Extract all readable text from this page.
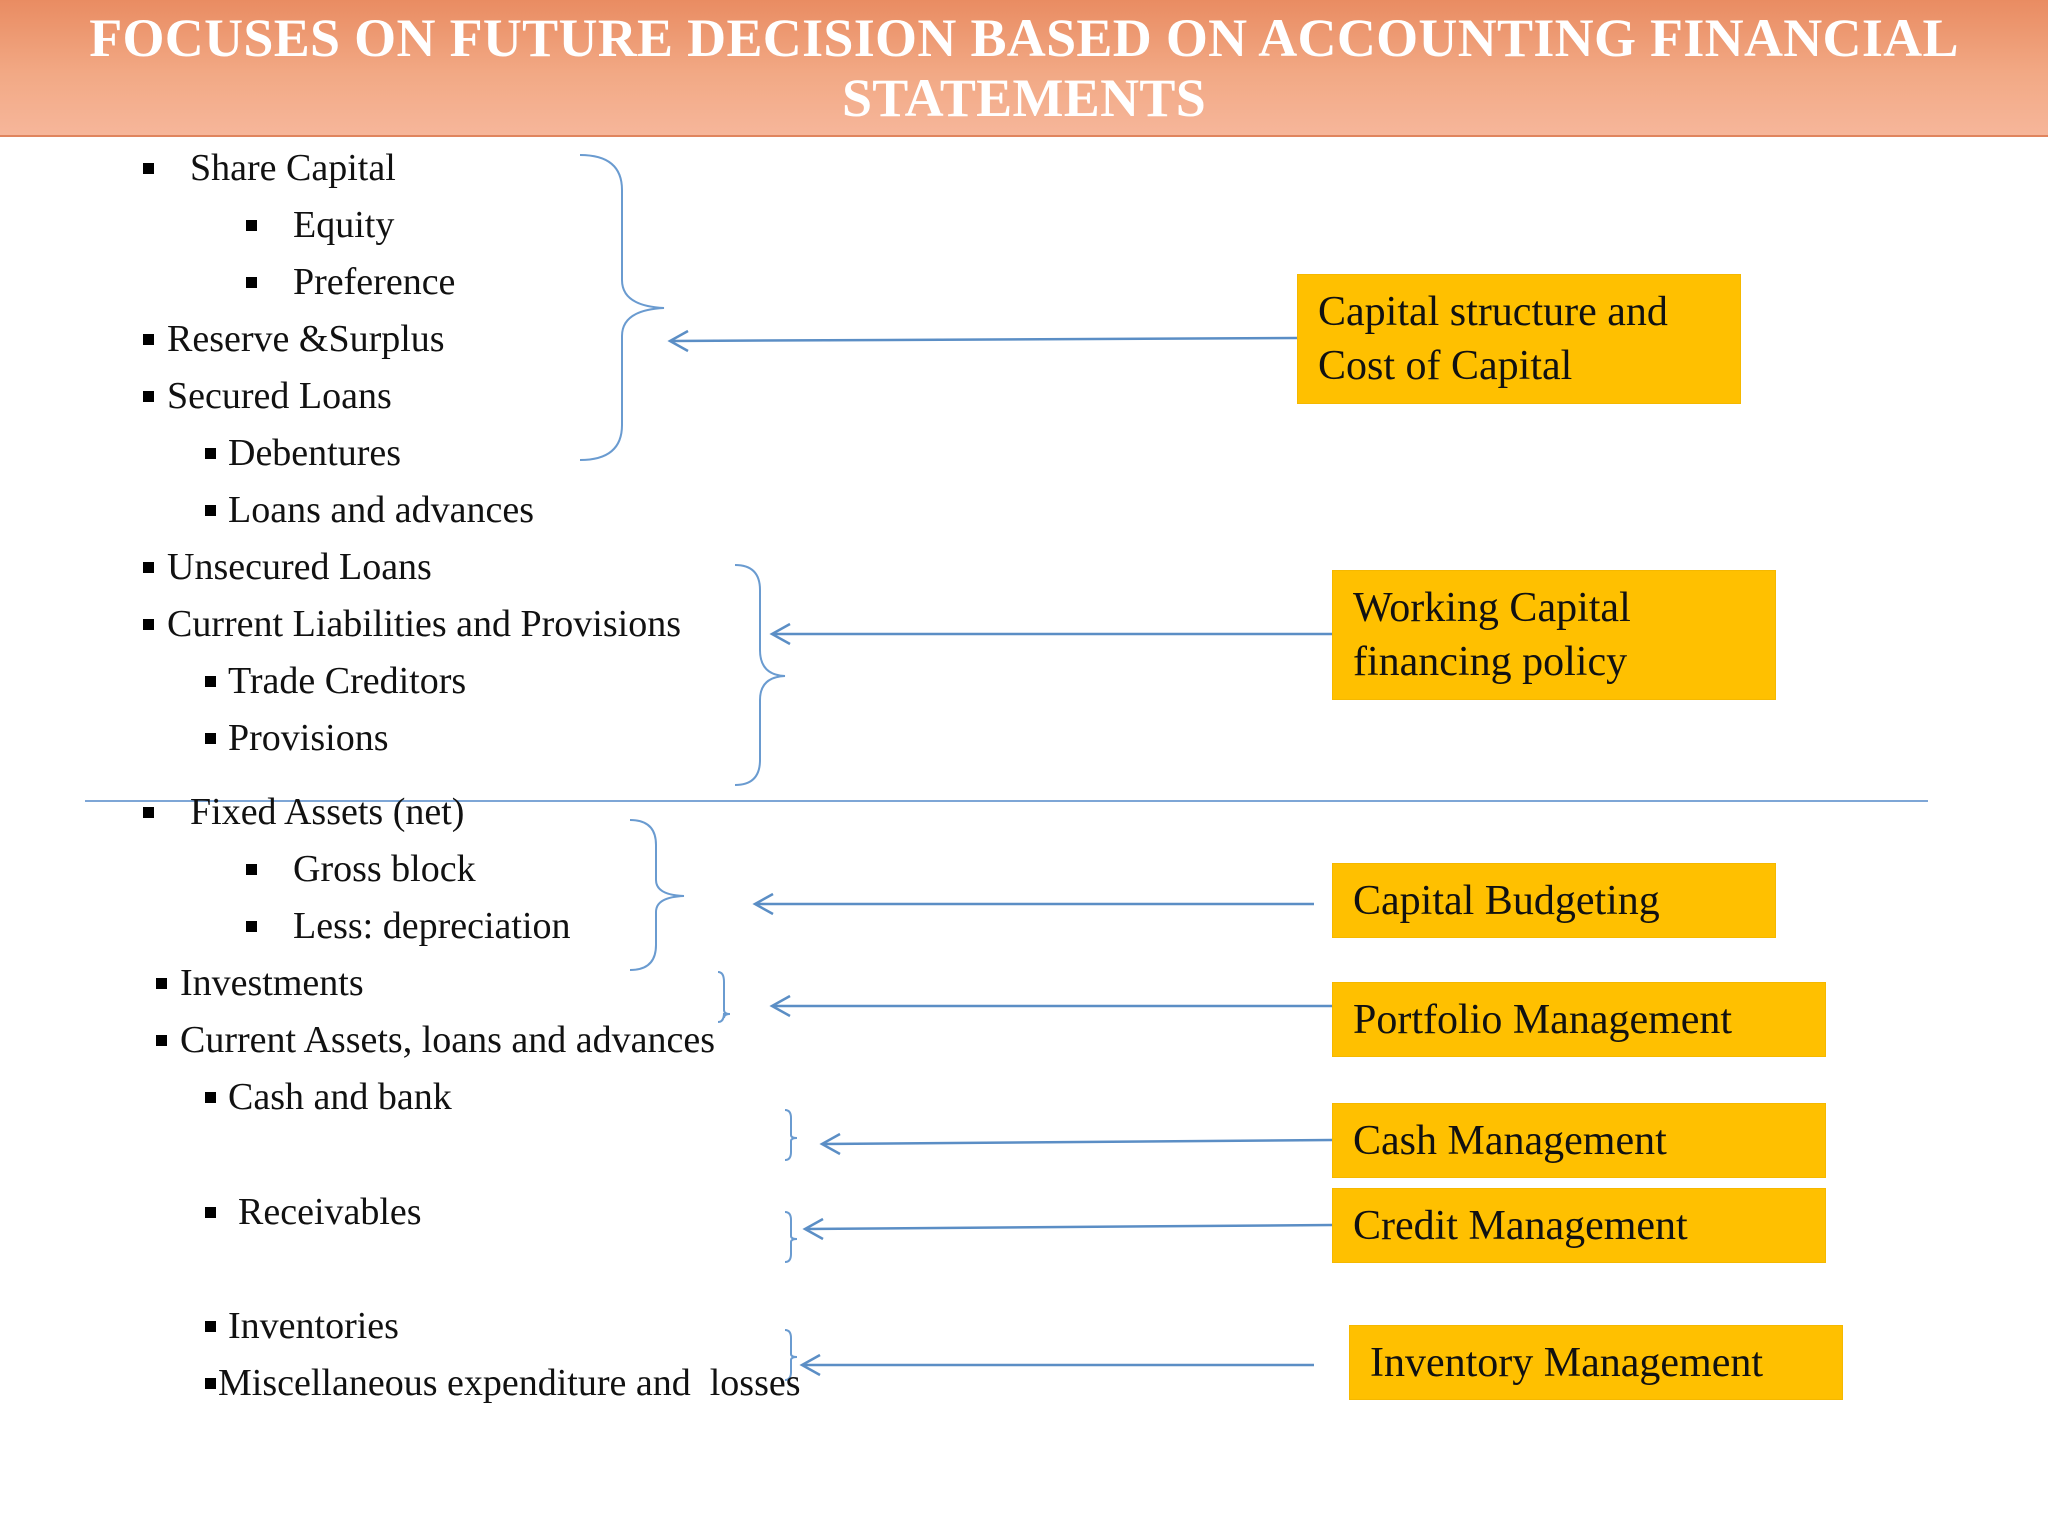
FOCUSES ON FUTURE DECISION BASED ON ACCOUNTING FINANCIAL STATEMENTS
Share Capital
Equity
Preference
Reserve &Surplus
Secured Loans
Debentures
Loans and advances
Unsecured Loans
Current Liabilities and Provisions
Trade Creditors
Provisions
Fixed Assets (net)
Gross block
Less: depreciation
Investments
Current Assets, loans and advances
Cash and bank
Receivables
Inventories
Miscellaneous expenditure and  losses
Capital structure and
Cost of Capital
Working Capital
financing policy
Capital Budgeting
Portfolio Management
Cash Management
Credit Management
Inventory Management
